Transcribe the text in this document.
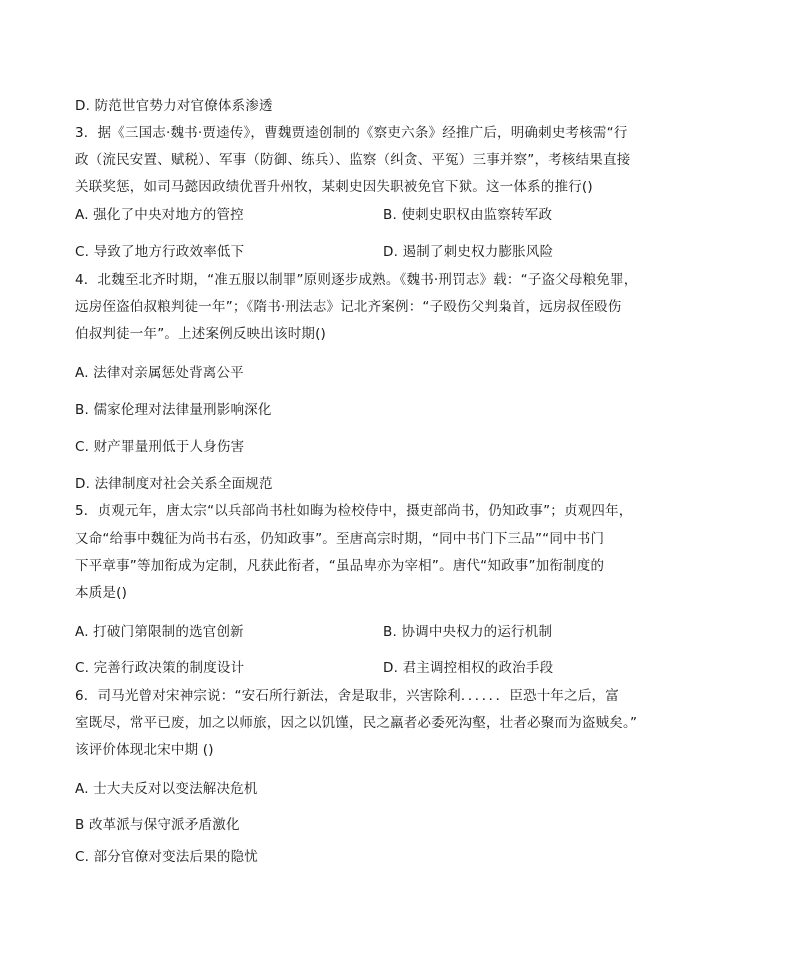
D. 防范世官势力对官僚体系渗透
3．据《三国志·魏书·贾逵传》，曹魏贾逵创制的《察吏六条》经推广后，明确刺史考核需“行
政（流民安置、赋税）、军事（防御、练兵）、监察（纠贪、平冤）三事并察”，考核结果直接
关联奖惩，如司马懿因政绩优晋升州牧，某刺史因失职被免官下狱。这一体系的推行()
A. 强化了中央对地方的管控	B. 使刺史职权由监察转军政
C. 导致了地方行政效率低下	D. 遏制了刺史权力膨胀风险
4．北魏至北齐时期，“准五服以制罪”原则逐步成熟。《魏书·刑罚志》载：“子盗父母粮免罪，
远房侄盗伯叔粮判徒一年”；《隋书·刑法志》记北齐案例：“子殴伤父判枭首，远房叔侄殴伤
伯叔判徒一年”。上述案例反映出该时期()
A. 法律对亲属惩处背离公平
B. 儒家伦理对法律量刑影响深化
C. 财产罪量刑低于人身伤害
D. 法律制度对社会关系全面规范
5．贞观元年，唐太宗“以兵部尚书杜如晦为检校侍中，摄吏部尚书，仍知政事”；贞观四年，
又命“给事中魏征为尚书右丞，仍知政事”。至唐高宗时期，“同中书门下三品”“同中书门
下平章事”等加衔成为定制，凡获此衔者，“虽品卑亦为宰相”。唐代“知政事”加衔制度的
本质是()
A. 打破门第限制的选官创新	B. 协调中央权力的运行机制
C. 完善行政决策的制度设计	D. 君主调控相权的政治手段
6．司马光曾对宋神宗说：“安石所行新法，舍是取非，兴害除利．．．．．．臣恐十年之后，富
室既尽，常平已废，加之以师旅，因之以饥馑，民之羸者必委死沟壑，壮者必聚而为盗贼矣。”
该评价体现北宋中期 ()
A. 士大夫反对以变法解决危机
B 改革派与保守派矛盾激化
C. 部分官僚对变法后果的隐忧
